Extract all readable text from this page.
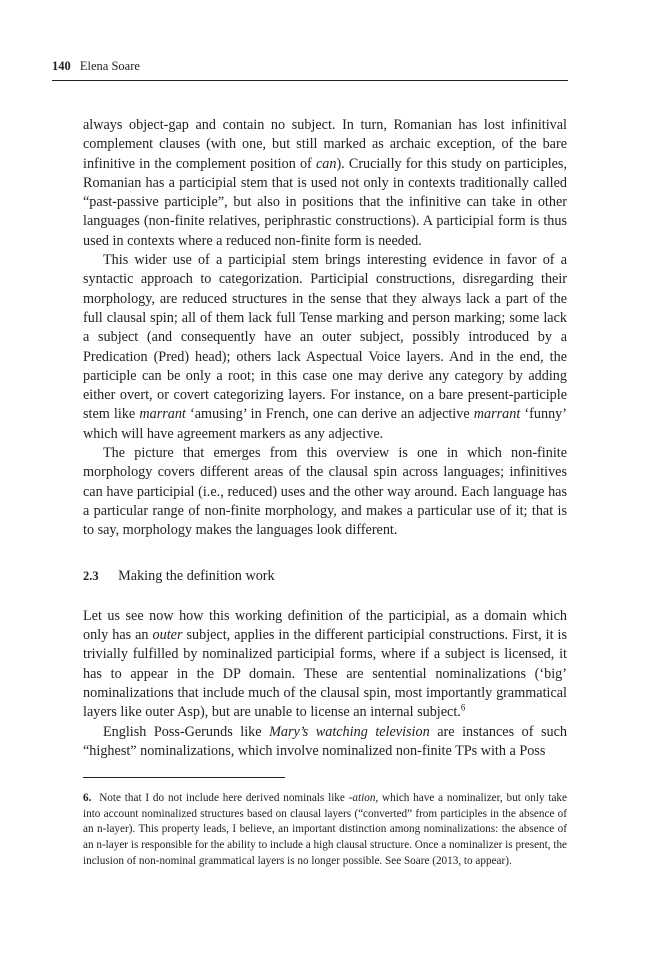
140 Elena Soare

always object-gap and contain no subject. In turn, Romanian has lost infinitival complement clauses (with one, but still marked as archaic exception, of the bare infinitive in the complement position of can). Crucially for this study on participles, Romanian has a participial stem that is used not only in contexts traditionally called “past-passive participle”, but also in positions that the infinitive can take in other languages (non-finite relatives, periphrastic constructions). A participial form is thus used in contexts where a reduced non-finite form is needed.

This wider use of a participial stem brings interesting evidence in favor of a syntactic approach to categorization. Participial constructions, disregarding their morphology, are reduced structures in the sense that they always lack a part of the full clausal spin; all of them lack full Tense marking and person marking; some lack a subject (and consequently have an outer subject, possibly introduced by a Predication (Pred) head); others lack Aspectual Voice layers. And in the end, the participle can be only a root; in this case one may derive any category by adding either overt, or covert categorizing layers. For instance, on a bare present-participle stem like marrant ‘amusing’ in French, one can derive an adjective marrant ‘funny’ which will have agreement markers as any adjective.

The picture that emerges from this overview is one in which non-finite morphology covers different areas of the clausal spin across languages; infinitives can have participial (i.e., reduced) uses and the other way around. Each language has a particular range of non-finite morphology, and makes a particular use of it; that is to say, morphology makes the languages look different.

2.3 Making the definition work

Let us see now how this working definition of the participial, as a domain which only has an outer subject, applies in the different participial constructions. First, it is trivially fulfilled by nominalized participial forms, where if a subject is licensed, it has to appear in the DP domain. These are sentential nominalizations (‘big’ nominalizations that include much of the clausal spin, most importantly grammatical layers like outer Asp), but are unable to license an internal subject.$^6$

English Poss-Gerunds like Mary’s watching television are instances of such “highest” nominalizations, which involve nominalized non-finite TPs with a Poss

6. Note that I do not include here derived nominals like -ation, which have a nominalizer, but only take into account nominalized structures based on clausal layers (“converted” from participles in the absence of an n-layer). This property leads, I believe, an important distinction among nominalizations: the absence of an n-layer is responsible for the ability to include a high clausal structure. Once a nominalizer is present, the inclusion of non-nominal grammatical layers is no longer possible. See Soare (2013, to appear).
